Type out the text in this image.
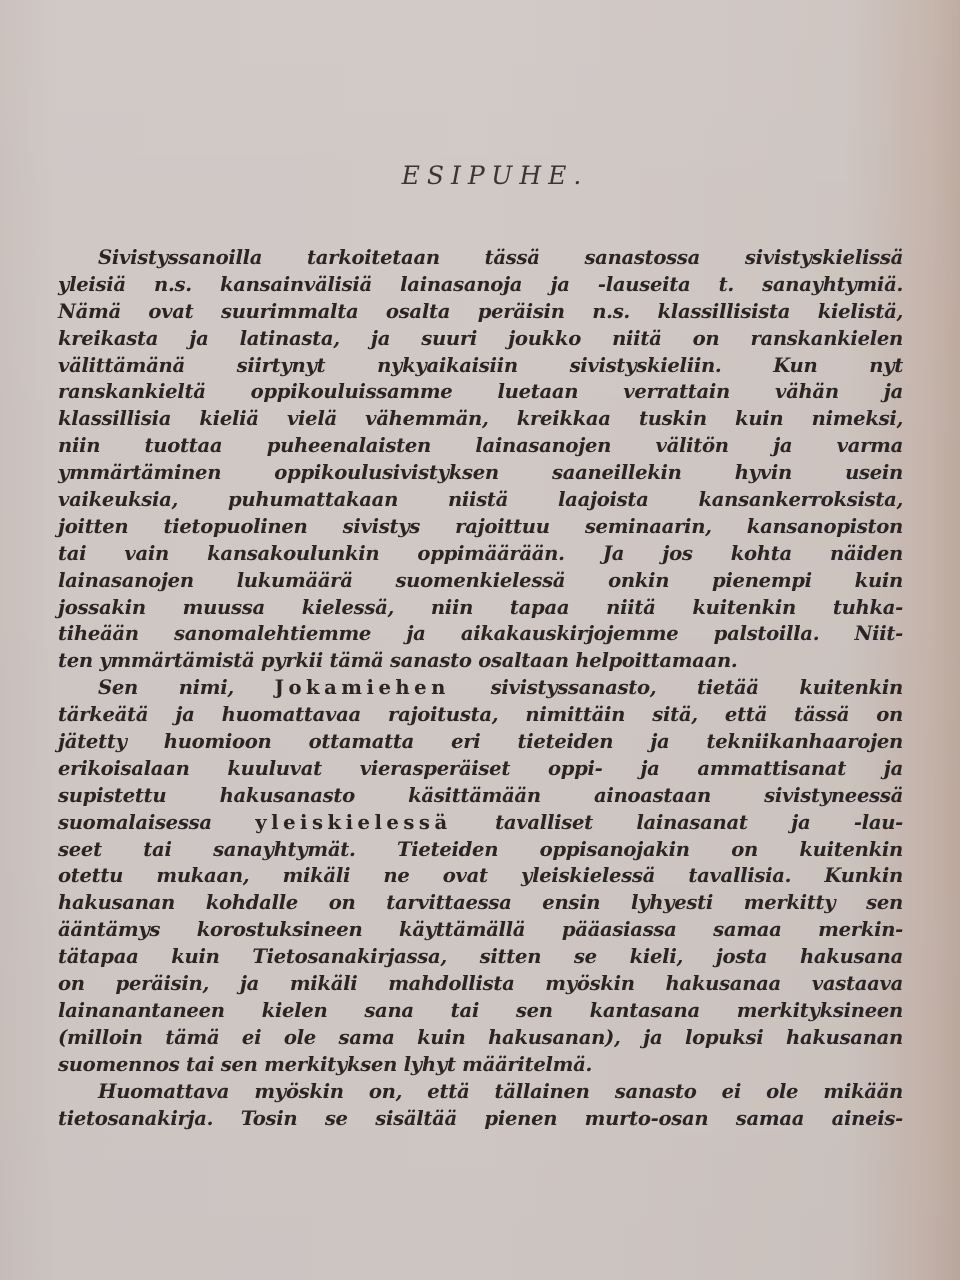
ESIPUHE.
Sivistyssanoilla tarkoitetaan tässä sanastossa sivistyskielissä
yleisiä n.s. kansainvälisiä lainasanoja ja -lauseita t. sanayhtymiä.
Nämä ovat suurimmalta osalta peräisin n.s. klassillisista kielistä,
kreikasta ja latinasta, ja suuri joukko niitä on ranskankielen
välittämänä siirtynyt nykyaikaisiin sivistyskieliin. Kun nyt
ranskankieltä oppikouluissamme luetaan verrattain vähän ja
klassillisia kieliä vielä vähemmän, kreikkaa tuskin kuin nimeksi,
niin tuottaa puheenalaisten lainasanojen välitön ja varma
ymmärtäminen oppikoulusivistyksen saaneillekin hyvin usein
vaikeuksia, puhumattakaan niistä laajoista kansankerroksista,
joitten tietopuolinen sivistys rajoittuu seminaarin, kansanopiston
tai vain kansakoulunkin oppimäärään. Ja jos kohta näiden
lainasanojen lukumäärä suomenkielessä onkin pienempi kuin
jossakin muussa kielessä, niin tapaa niitä kuitenkin tuhka-
tiheään sanomalehtiemme ja aikakauskirjojemme palstoilla. Niit-
ten ymmärtämistä pyrkii tämä sanasto osaltaan helpoittamaan.
Sen nimi, Jokamiehen sivistyssanasto, tietää kuitenkin
tärkeätä ja huomattavaa rajoitusta, nimittäin sitä, että tässä on
jätetty huomioon ottamatta eri tieteiden ja tekniikanhaarojen
erikoisalaan kuuluvat vierasperäiset oppi- ja ammattisanat ja
supistettu hakusanasto käsittämään ainoastaan sivistyneessä
suomalaisessa yleiskielessä tavalliset lainasanat ja -lau-
seet tai sanayhtymät. Tieteiden oppisanojakin on kuitenkin
otettu mukaan, mikäli ne ovat yleiskielessä tavallisia. Kunkin
hakusanan kohdalle on tarvittaessa ensin lyhyesti merkitty sen
ääntämys korostuksineen käyttämällä pääasiassa samaa merkin-
tätapaa kuin Tietosanakirjassa, sitten se kieli, josta hakusana
on peräisin, ja mikäli mahdollista myöskin hakusanaa vastaava
lainanantaneen kielen sana tai sen kantasana merkityksineen
(milloin tämä ei ole sama kuin hakusanan), ja lopuksi hakusanan
suomennos tai sen merkityksen lyhyt määritelmä.
Huomattava myöskin on, että tällainen sanasto ei ole mikään
tietosanakirja. Tosin se sisältää pienen murto-osan samaa aineis-
